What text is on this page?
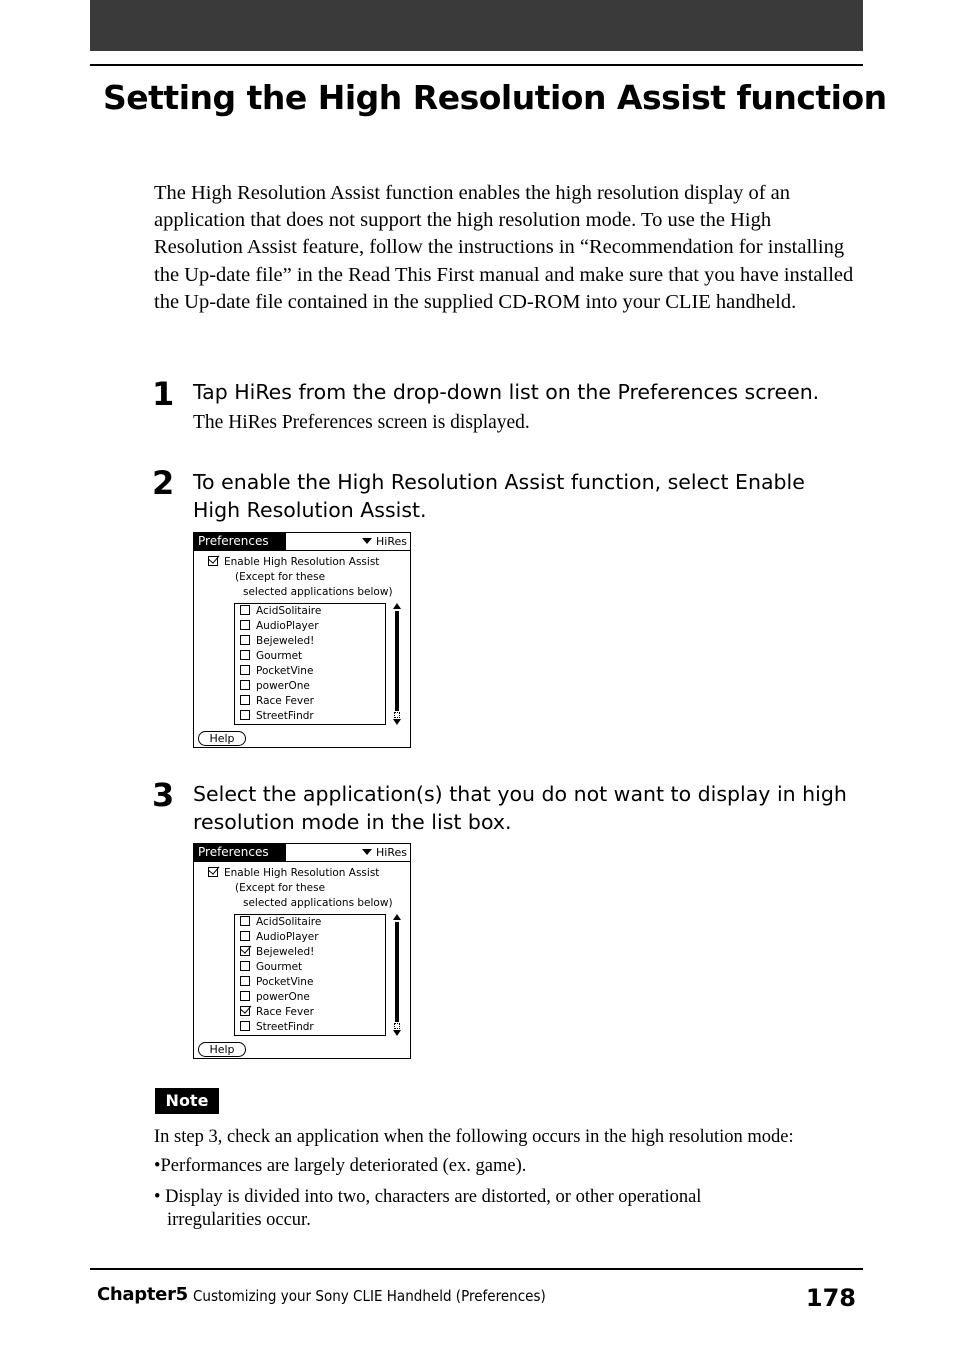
Setting the High Resolution Assist function

The High Resolution Assist function enables the high resolution display of an application that does not support the high resolution mode. To use the High Resolution Assist feature, follow the instructions in “Recommendation for installing the Up-date file” in the Read This First manual and make sure that you have installed the Up-date file contained in the supplied CD-ROM into your CLIE handheld.

1 Tap HiRes from the drop-down list on the Preferences screen.

The HiRes Preferences screen is displayed.

2 To enable the High Resolution Assist function, select Enable High Resolution Assist.

Preferences	HiRes
Enable High Resolution Assist
(Except for these
selected applications below)
AcidSolitaire
AudioPlayer
Bejeweled!
Gourmet
PocketVine
powerOne
Race Fever
StreetFindr
Help
3 Select the application(s) that you do not want to display in high resolution mode in the list box.

Preferences	HiRes
Enable High Resolution Assist
(Except for these
selected applications below)
AcidSolitaire
AudioPlayer
Bejeweled!
Gourmet
PocketVine
powerOne
Race Fever
StreetFindr
Help
Note

In step 3, check an application when the following occurs in the high resolution mode:

•Performances are largely deteriorated (ex. game).

• Display is divided into two, characters are distorted, or other operational
irregularities occur.

Chapter5 Customizing your Sony CLIE Handheld (Preferences)	178
